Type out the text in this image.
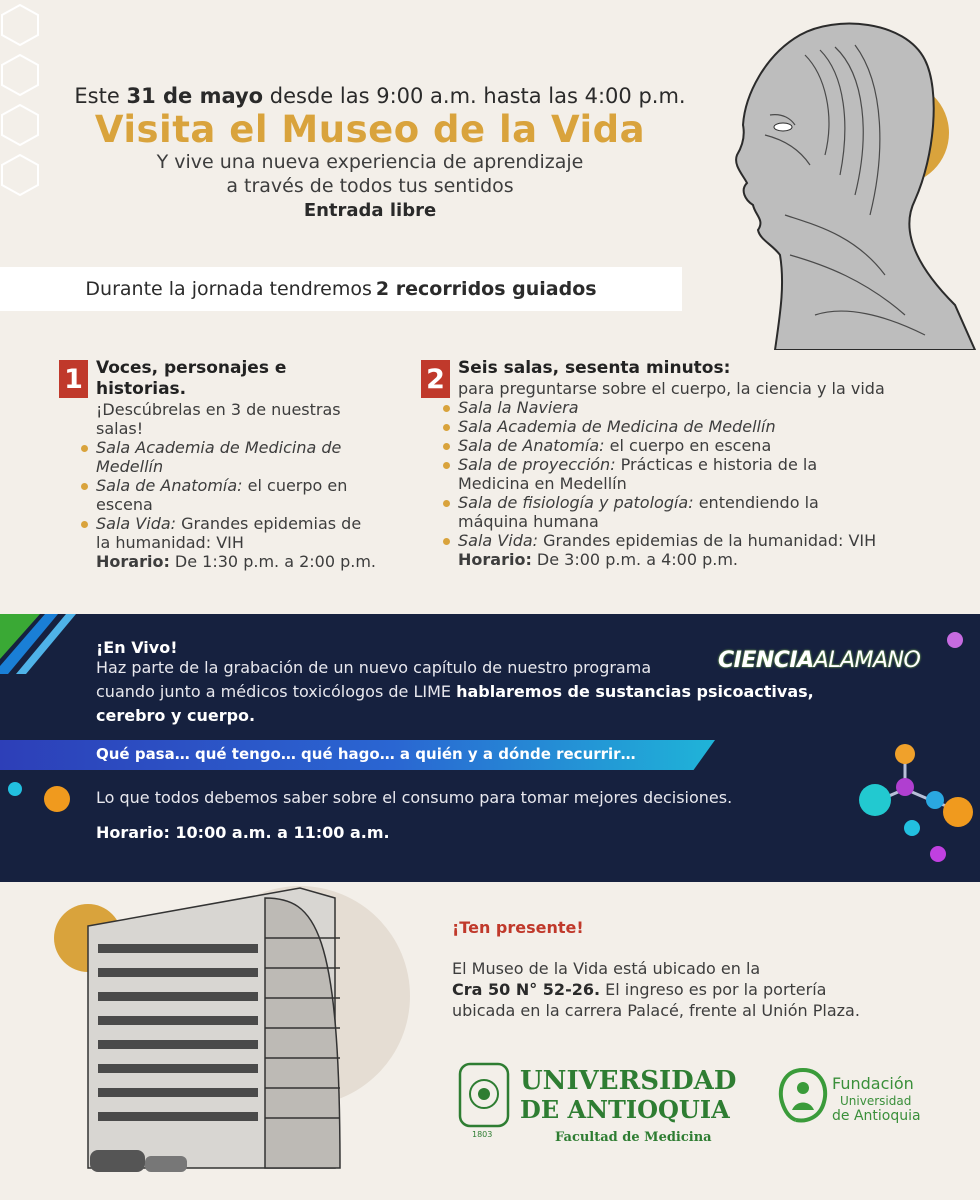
Este 31 de mayo desde las 9:00 a.m. hasta las 4:00 p.m.
Visita el Museo de la Vida
Y vive una nueva experiencia de aprendizaje
a través de todos tus sentidos
Entrada libre
Durante la jornada tendremos 2 recorridos guiados
1 Voces, personajes e
historias.
¡Descúbrelas en 3 de nuestras
salas!
Sala Academia de Medicina de
Medellín
Sala de Anatomía: el cuerpo en
escena
Sala Vida: Grandes epidemias de
la humanidad: VIH
Horario: De 1:30 p.m. a 2:00 p.m.
2 Seis salas, sesenta minutos:
para preguntarse sobre el cuerpo, la ciencia y la vida
Sala la Naviera
Sala Academia de Medicina de Medellín
Sala de Anatomía: el cuerpo en escena
Sala de proyección: Prácticas e historia de la
Medicina en Medellín
Sala de fisiología y patología: entendiendo la
máquina humana
Sala Vida: Grandes epidemias de la humanidad: VIH
Horario: De 3:00 p.m. a 4:00 p.m.
¡En Vivo!
Haz parte de la grabación de un nuevo capítulo de nuestro programa
cuando junto a médicos toxicólogos de LIME hablaremos de sustancias psicoactivas,
cerebro y cuerpo.
Lo que todos debemos saber sobre el consumo para tomar mejores decisiones.
Horario: 10:00 a.m. a 11:00 a.m.
CIENCIAALAMANO
Qué pasa… qué tengo… qué hago… a quién y a dónde recurrir…
¡Ten presente!
El Museo de la Vida está ubicado en la
Cra 50 N° 52-26. El ingreso es por la portería
ubicada en la carrera Palacé, frente al Unión Plaza.
1803
UNIVERSIDAD
DE ANTIOQUIA
Facultad de Medicina
Fundación
Universidad
de Antioquia
